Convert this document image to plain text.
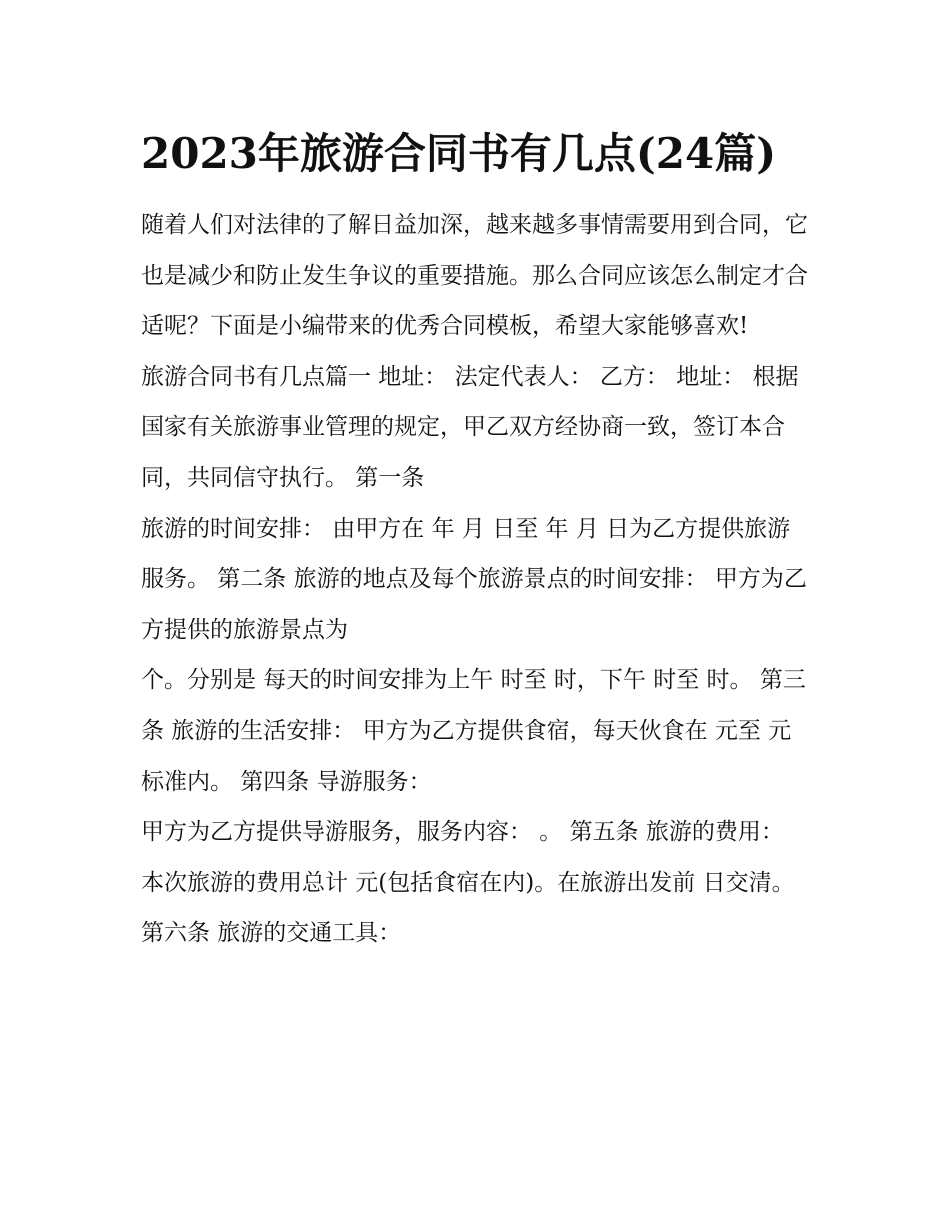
2023年旅游合同书有几点(24篇)

随着人们对法律的了解日益加深，越来越多事情需要用到合同，它也是减少和防止发生争议的重要措施。那么合同应该怎么制定才合适呢？下面是小编带来的优秀合同模板，希望大家能够喜欢!

旅游合同书有几点篇一 地址： 法定代表人： 乙方： 地址： 根据国家有关旅游事业管理的规定，甲乙双方经协商一致，签订本合同，共同信守执行。 第一条

旅游的时间安排： 由甲方在 年 月 日至 年 月 日为乙方提供旅游服务。 第二条 旅游的地点及每个旅游景点的时间安排： 甲方为乙方提供的旅游景点为

个。分别是 每天的时间安排为上午 时至 时，下午 时至 时。 第三条 旅游的生活安排： 甲方为乙方提供食宿，每天伙食在 元至 元标准内。 第四条 导游服务：

甲方为乙方提供导游服务，服务内容： 。 第五条 旅游的费用： 本次旅游的费用总计 元(包括食宿在内)。在旅游出发前 日交清。 第六条 旅游的交通工具：
